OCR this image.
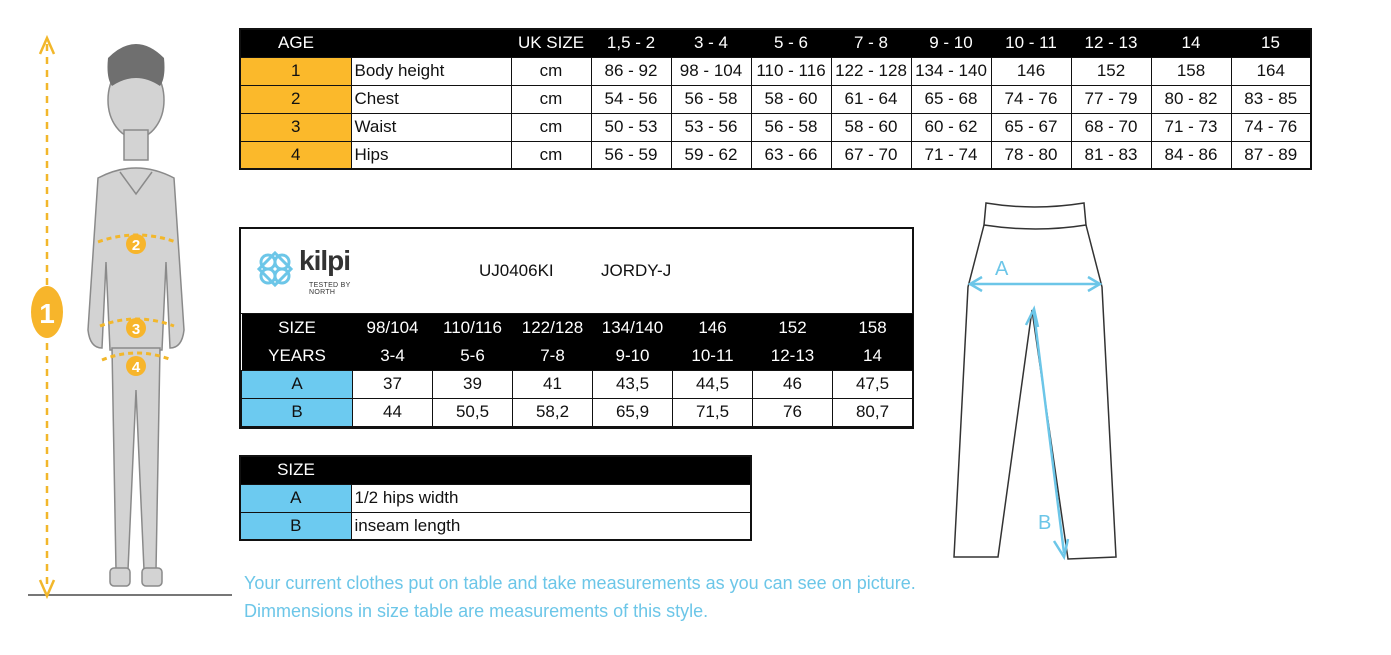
AGE		UK SIZE	1,5 - 2	3 - 4	5 - 6	7 - 8	9 - 10	10 - 11	12 - 13	14	15
1	Body height	cm	86 - 92	98 - 104	110 - 116	122 - 128	134 - 140	146	152	158	164
2	Chest	cm	54 - 56	56 - 58	58 - 60	61 - 64	65 - 68	74 - 76	77 - 79	80 - 82	83 - 85
3	Waist	cm	50 - 53	53 - 56	56 - 58	58 - 60	60 - 62	65 - 67	68 - 70	71 - 73	74 - 76
4	Hips	cm	56 - 59	59 - 62	63 - 66	67 - 70	71 - 74	78 - 80	81 - 83	84 - 86	87 - 89
kilpi
TESTED BY NORTH
UJ0406KI	JORDY-J
SIZE	98/104	110/116	122/128	134/140	146	152	158
YEARS	3-4	5-6	7-8	9-10	10-11	12-13	14
A	37	39	41	43,5	44,5	46	47,5
B	44	50,5	58,2	65,9	71,5	76	80,7
SIZE	
A	1/2 hips width
B	inseam length
Your current clothes put on table and take measurements as you can see on picture.
Dimmensions in size table are measurements of this style.
1
2
3
4
A
B
